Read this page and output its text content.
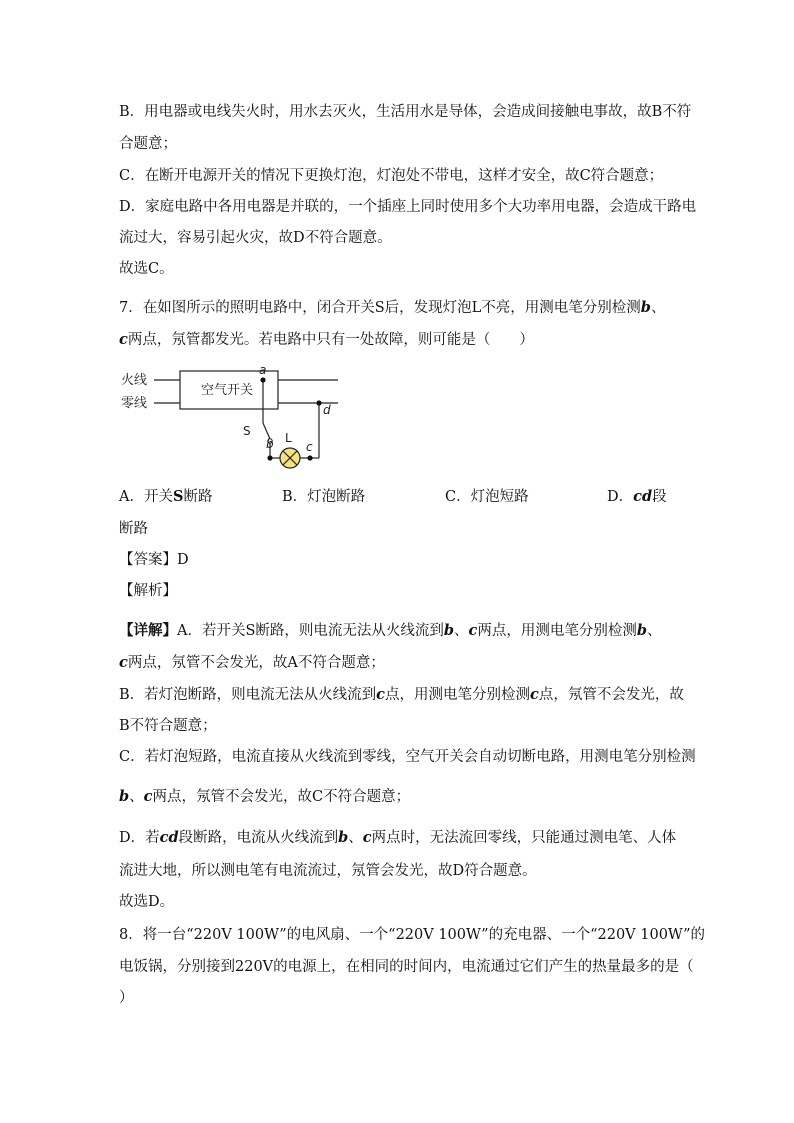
B．用电器或电线失火时，用水去灭火，生活用水是导体，会造成间接触电事故，故B不符
合题意；
C．在断开电源开关的情况下更换灯泡，灯泡处不带电，这样才安全，故C符合题意；
D．家庭电路中各用电器是并联的，一个插座上同时使用多个大功率用电器，会造成干路电
流过大，容易引起火灾，故D不符合题意。
故选C。
7．在如图所示的照明电路中，闭合开关S后，发现灯泡L不亮，用测电笔分别检测b、
c两点，氖管都发光。若电路中只有一处故障，则可能是（　　）
火线
零线
空气开关
a
d
b	c
S	L
A．开关S断路	B．灯泡断路	C．灯泡短路	D．cd段
断路
【答案】D
【解析】
【详解】A．若开关S断路，则电流无法从火线流到b、c两点，用测电笔分别检测b、
c两点，氖管不会发光，故A不符合题意；
B．若灯泡断路，则电流无法从火线流到c点，用测电笔分别检测c点，氖管不会发光，故
B不符合题意；
C．若灯泡短路，电流直接从火线流到零线，空气开关会自动切断电路，用测电笔分别检测
b、c两点，氖管不会发光，故C不符合题意；
D．若cd段断路，电流从火线流到b、c两点时，无法流回零线，只能通过测电笔、人体
流进大地，所以测电笔有电流流过，氖管会发光，故D符合题意。
故选D。
8．将一台“220V 100W”的电风扇、一个“220V 100W”的充电器、一个“220V 100W”的
电饭锅，分别接到220V的电源上，在相同的时间内，电流通过它们产生的热量最多的是（
）
